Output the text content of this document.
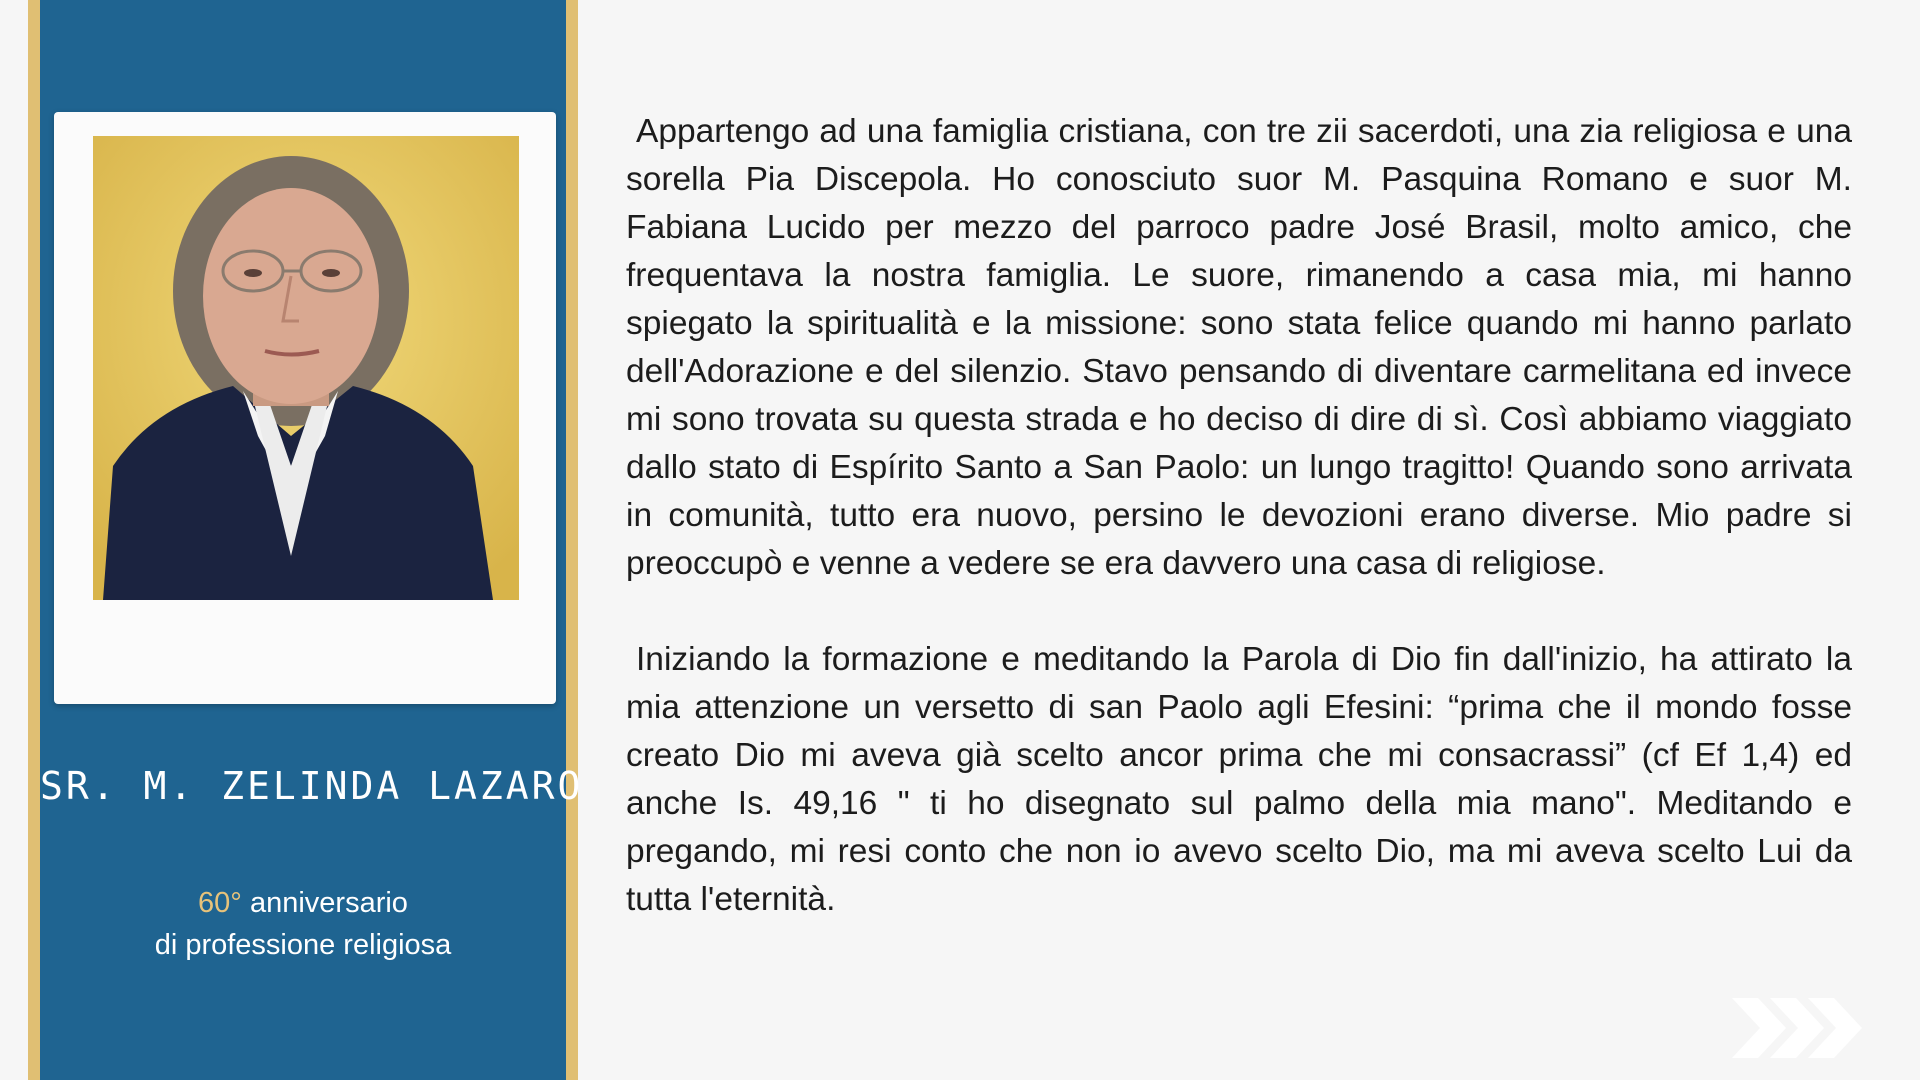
SR. M. ZELINDA LAZARO
60° anniversario
di professione religiosa

Appartengo ad una famiglia cristiana, con tre zii sacerdoti, una zia religiosa e una sorella Pia Discepola. Ho conosciuto suor M. Pasquina Romano e suor M. Fabiana Lucido per mezzo del parroco padre José Brasil, molto amico, che frequentava la nostra famiglia. Le suore, rimanendo a casa mia, mi hanno spiegato la spiritualità e la missione: sono stata felice quando mi hanno parlato dell'Adorazione e del silenzio. Stavo pensando di diventare carmelitana ed invece mi sono trovata su questa strada e ho deciso di dire di sì. Così abbiamo viaggiato dallo stato di Espírito Santo a San Paolo: un lungo tragitto! Quando sono arrivata in comunità, tutto era nuovo, persino le devozioni erano diverse. Mio padre si preoccupò e venne a vedere se era davvero una casa di religiose.

Iniziando la formazione e meditando la Parola di Dio fin dall'inizio, ha attirato la mia attenzione un versetto di san Paolo agli Efesini: “prima che il mondo fosse creato Dio mi aveva già scelto ancor prima che mi consacrassi” (cf Ef 1,4) ed anche Is. 49,16 " ti ho disegnato sul palmo della mia mano". Meditando e pregando, mi resi conto che non io avevo scelto Dio, ma mi aveva scelto Lui da tutta l'eternità.
